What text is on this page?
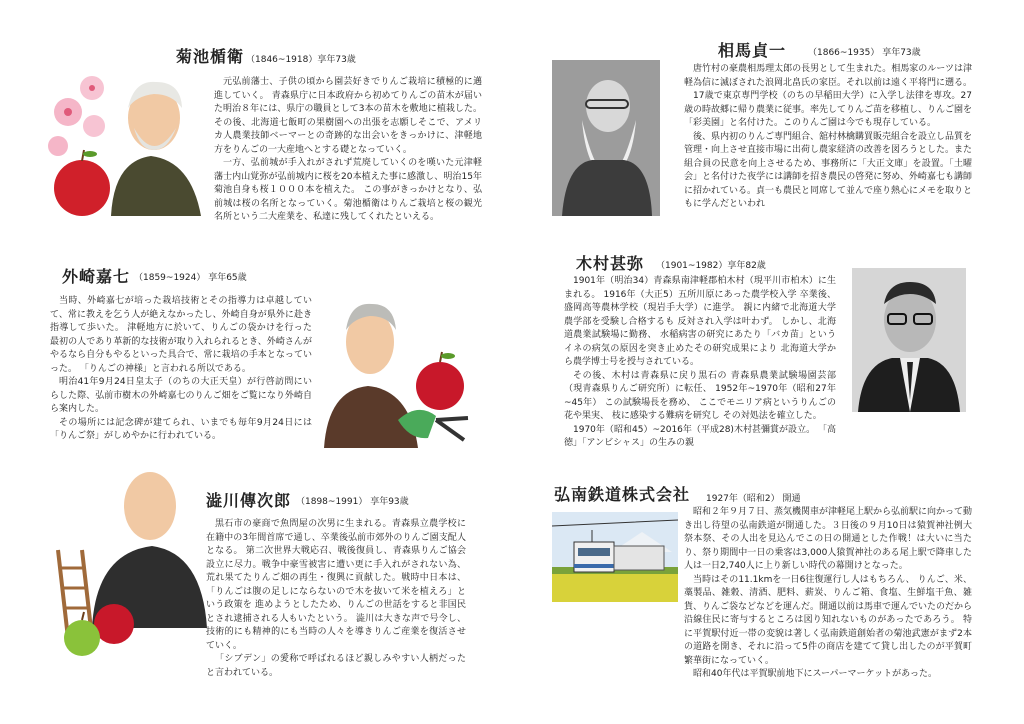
菊池楯衛 （1846~1918）享年73歳

元弘前藩士、子供の頃から園芸好きでりんご栽培に積極的に邁進していく。 青森県庁に日本政府から初めてりんごの苗木が届いた明治８年には、県庁の職員として3本の苗木を敷地に植栽した。 その後、北海道七飯町の果樹園への出張を志願しそこで、アメリカ人農業技師ベーマーとの奇跡的な出会いをきっかけに、津軽地方をりんごの一大産地へとする礎となっていく。

一方、弘前城が手入れがされず荒廃していくのを嘆いた元津軽藩士内山覚弥が弘前城内に桜を20本植えた事に感激し、明治15年菊池自身も桜１０００本を植えた。 この事がきっかけとなり、弘前城は桜の名所となっていく。菊池楯衛はりんご栽培と桜の観光名所という二大産業を、私達に残してくれたといえる。

外崎嘉七 （1859~1924） 享年65歳

当時、外崎嘉七が培った栽培技術とその指導力は卓越していて、常に教えを乞う人が絶えなかったし、外崎自身が県外に赴き指導して歩いた。 津軽地方に於いて、りんごの袋かけを行った最初の人であり革新的な技術が取り入れられるとき、外崎さんがやるなら自分もやるといった具合で、常に栽培の手本となっていった。 「りんごの神様」と言われる所以である。

明治41年9月24日皇太子（のちの大正天皇）が行啓訪問にいらした際、弘前市樹木の外崎嘉七のりんご畑をご覧になり外崎自ら案内した。

その場所には記念碑が建てられ、いまでも毎年9月24日には「りんご祭」がしめやかに行われている。

澁川傳次郎 （1898~1991） 享年93歳

黒石市の豪商で魚問屋の次男に生まれる。青森県立農学校に在籍中の3年間首席で通し、卒業後弘前市郊外のりんご園支配人となる。 第二次世界大戦応召、戦後復員し、青森県りんご協会設立に尽力。戦争中豪雪被害に遭い更に手入れがされない為、荒れ果てたりんご畑の再生・復興に貢献した。戦時中日本は、「りんごは腹の足しにならないので木を抜いて米を植えろ」という政策を 進めようとしたため、りんごの世話をすると非国民とされ逮捕される人もいたという。 澁川は大きな声で号令し、技術的にも精神的にも当時の人々を導きりんご産業を復活させていく。

「シブデン」の愛称で呼ばれるほど親しみやすい人柄だったと言われている。

相馬貞一 （1866~1935） 享年73歳

唐竹村の豪農相馬理太郎の長男として生まれた。相馬家のルーツは津軽為信に滅ぼされた浪岡北畠氏の家臣。それ以前は遠く平将門に遡る。

17歳で東京専門学校（のちの早稲田大学）に入学し法律を専攻。27歳の時故郷に帰り農業に従事。率先してりんご苗を移植し、りんご園を「彩美園」と名付けた。このりんご園は今でも現存している。

後、県内初のりんご専門組合、舘村林檎購買販売組合を設立し品質を管理・向上させ直接市場に出荷し農家経済の改善を図ろうとした。また組合員の民意を向上させるため、事務所に「大正文庫」を設置。「土曜会」と名付けた夜学には講師を招き農民の啓発に努め、外崎嘉七も講師に招かれている。貞一も農民と同席して並んで座り熱心にメモを取りともに学んだといわれ

木村甚弥 （1901~1982）享年82歳

1901年（明治34）青森県南津軽郡柏木村（現平川市柏木）に生まれる。 1916年（大正5）五所川原にあった農学校入学 卒業後、盛岡高等農林学校（現岩手大学）に進学。 親に内緒で北海道大学農学部を受験し合格するも 反対され入学は叶わず。 しかし、北海道農業試験場に勤務、 水稲病害の研究にあたり「バカ苗」という イネの病気の原因を突き止めたその研究成果により 北海道大学から農学博士号を授与されている。

その後、木村は青森県に戻り黒石の 青森県農業試験場園芸部（現青森県りんご研究所）に転任、 1952年~1970年（昭和27年~45年） この試験場長を務め、 ここでモニリア病というりんごの花や果実、 枝に感染する難病を研究し その対処法を確立した。

1970年（昭和45）~2016年（平成28)木村甚彌賞が設立。 「高徳」「アンビシャス」の生みの親

弘南鉄道株式会社 1927年（昭和2） 開通

昭和２年９月７日、蒸気機関車が津軽尾上駅から弘前駅に向かって動き出し待望の弘南鉄道が開通した。３日後の９月10日は猿賀神社例大祭本祭、その人出を見込んでこの日の開通とした作戦！は大いに当たり、祭り期間中一日の乗客は3,000人猿賀神社のある尾上駅で降車した人は一日2,740人に上り新しい時代の幕開けとなった。

当時はその11.1kmを一日6往復運行し人はもちろん、 りんご、米、藁製品、雑穀、清酒、肥料、薪炭、りんご箱、食塩、生鮮塩干魚、雑貨、りんご袋などなどを運んだ。開通以前は馬車で運んでいたのだから沿線住民に寄与するところは図り知れないものがあったであろう。 特に平賀駅付近一帯の変貌は著しく弘南鉄道創始者の菊池武憲がまず2本の道路を開き、それに沿って5件の商店を建てて貸し出したのが平賀町繁華街になっていく。

昭和40年代は平賀駅前地下にスーパーマーケットがあった。
